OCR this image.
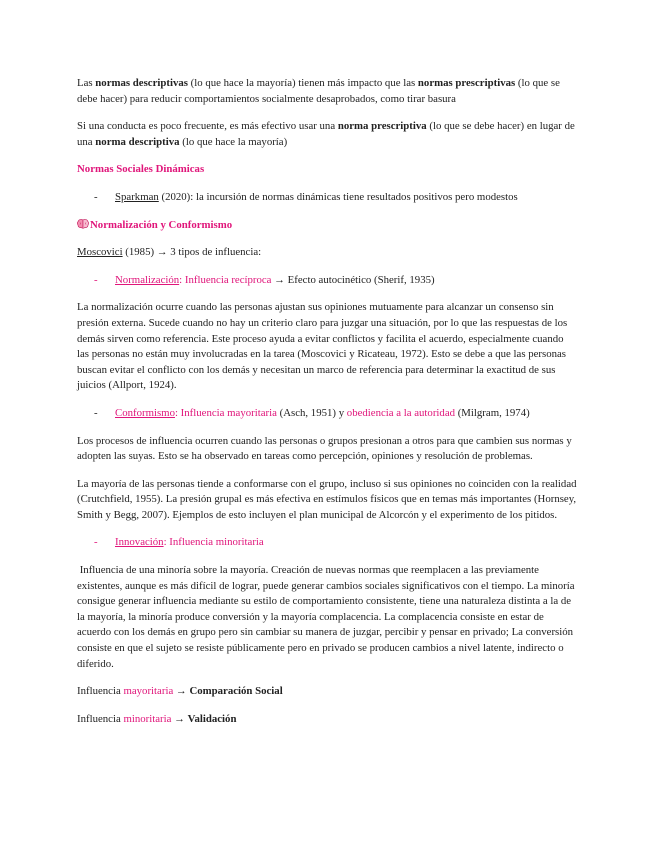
Las normas descriptivas (lo que hace la mayoría) tienen más impacto que las normas prescriptivas (lo que se debe hacer) para reducir comportamientos socialmente desaprobados, como tirar basura

Si una conducta es poco frecuente, es más efectivo usar una norma prescriptiva (lo que se debe hacer) en lugar de una norma descriptiva (lo que hace la mayoría)

Normas Sociales Dinámicas
- Sparkman (2020): la incursión de normas dinámicas tiene resultados positivos pero modestos
Normalización y Conformismo

Moscovici (1985) → 3 tipos de influencia:

- Normalización: Influencia recíproca → Efecto autocinético (Sherif, 1935)

La normalización ocurre cuando las personas ajustan sus opiniones mutuamente para alcanzar un consenso sin presión externa. Sucede cuando no hay un criterio claro para juzgar una situación, por lo que las respuestas de los demás sirven como referencia. Este proceso ayuda a evitar conflictos y facilita el acuerdo, especialmente cuando las personas no están muy involucradas en la tarea (Moscovici y Ricateau, 1972). Esto se debe a que las personas buscan evitar el conflicto con los demás y necesitan un marco de referencia para determinar la exactitud de sus juicios (Allport, 1924).

- Conformismo: Influencia mayoritaria (Asch, 1951) y obediencia a la autoridad (Milgram, 1974)

Los procesos de influencia ocurren cuando las personas o grupos presionan a otros para que cambien sus normas y adopten las suyas. Esto se ha observado en tareas como percepción, opiniones y resolución de problemas.

La mayoría de las personas tiende a conformarse con el grupo, incluso si sus opiniones no coinciden con la realidad (Crutchfield, 1955). La presión grupal es más efectiva en estímulos físicos que en temas más importantes (Hornsey, Smith y Begg, 2007). Ejemplos de esto incluyen el plan municipal de Alcorcón y el experimento de los pitidos.

- Innovación: Influencia minoritaria

Influencia de una minoría sobre la mayoría. Creación de nuevas normas que reemplacen a las previamente existentes, aunque es más difícil de lograr, puede generar cambios sociales significativos con el tiempo. La minoría consigue generar influencia mediante su estilo de comportamiento consistente, tiene una naturaleza distinta a la de la mayoría, la minoría produce conversión y la mayoría complacencia. La complacencia consiste en estar de acuerdo con los demás en grupo pero sin cambiar su manera de juzgar, percibir y pensar en privado; La conversión consiste en que el sujeto se resiste públicamente pero en privado se producen cambios a nivel latente, indirecto o diferido.

Influencia mayoritaria → Comparación Social

Influencia minoritaria → Validación
